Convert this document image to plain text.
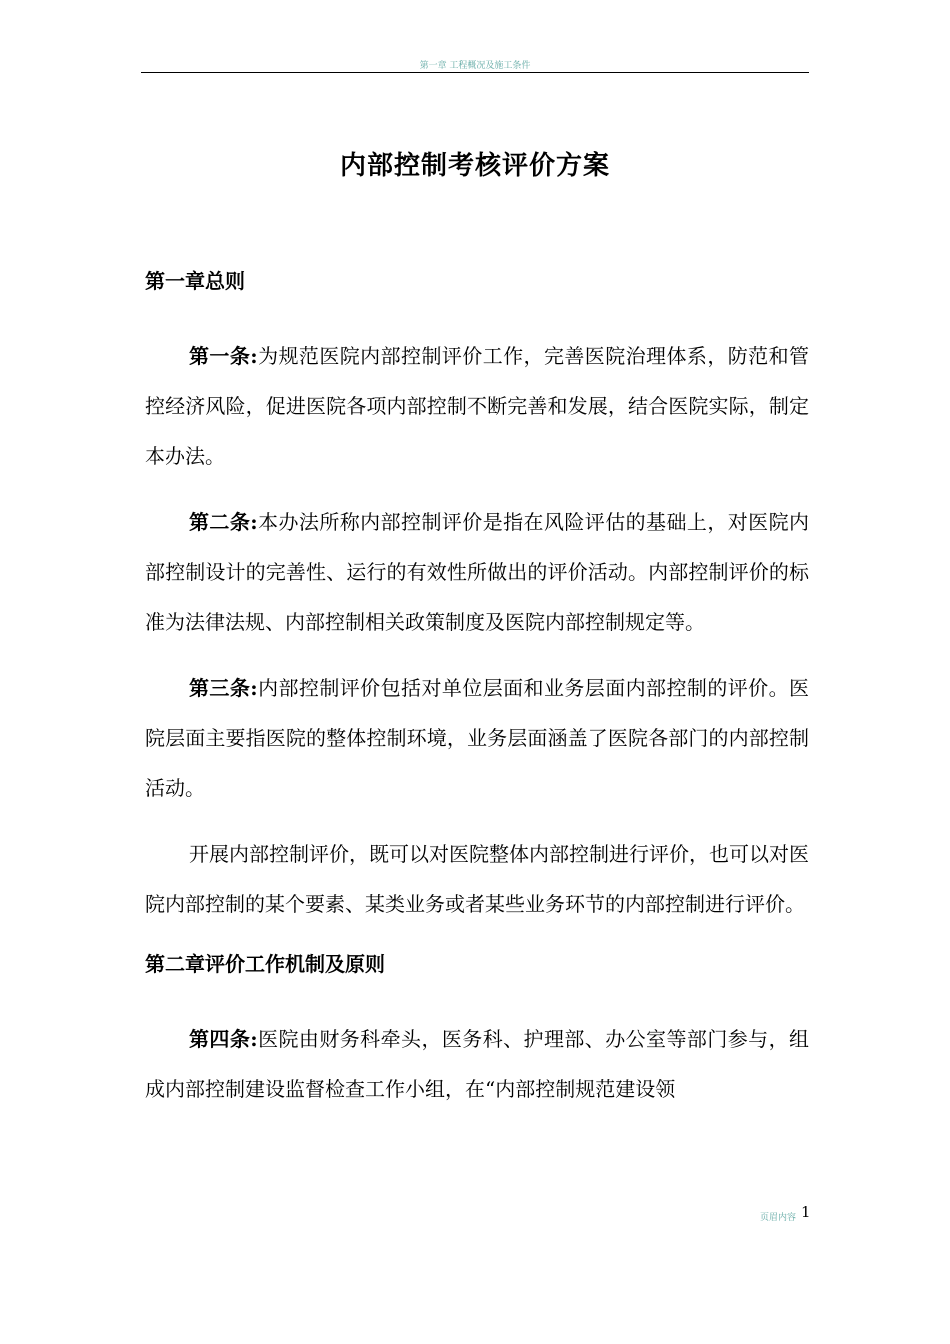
第一章 工程概况及施工条件
内部控制考核评价方案

第一章总则

第一条:为规范医院内部控制评价工作，完善医院治理体系，防范和管控经济风险，促进医院各项内部控制不断完善和发展，结合医院实际，制定本办法。

第二条:本办法所称内部控制评价是指在风险评估的基础上，对医院内部控制设计的完善性、运行的有效性所做出的评价活动。内部控制评价的标准为法律法规、内部控制相关政策制度及医院内部控制规定等。

第三条:内部控制评价包括对单位层面和业务层面内部控制的评价。医院层面主要指医院的整体控制环境，业务层面涵盖了医院各部门的内部控制活动。

开展内部控制评价，既可以对医院整体内部控制进行评价，也可以对医院内部控制的某个要素、某类业务或者某些业务环节的内部控制进行评价。

第二章评价工作机制及原则

第四条:医院由财务科牵头，医务科、护理部、办公室等部门参与，组成内部控制建设监督检查工作小组，在“内部控制规范建设领

页眉内容 1
